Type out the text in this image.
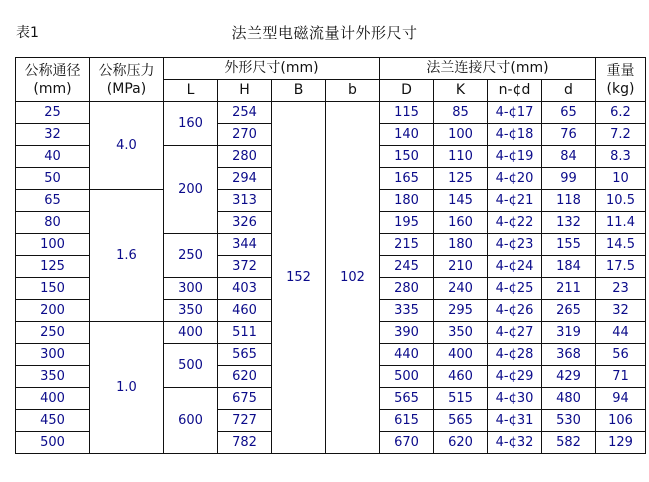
表1	法兰型电磁流量计外形尺寸
公称通径(mm)	公称压力(MPa)	外形尺寸(mm)				法兰连接尺寸(mm)				重量(kg)
		L	H	B	b	D	K	n-¢d	d	
25	4.0	160	254	152	102	115	85	4-¢17	65	6.2
32			270			140	100	4-¢18	76	7.2
40		200	280			150	110	4-¢19	84	8.3
50			294			165	125	4-¢20	99	10
65	1.6		313			180	145	4-¢21	118	10.5
80			326			195	160	4-¢22	132	11.4
100		250	344			215	180	4-¢23	155	14.5
125			372			245	210	4-¢24	184	17.5
150		300	403			280	240	4-¢25	211	23
200		350	460			335	295	4-¢26	265	32
250	1.0	400	511			390	350	4-¢27	319	44
300		500	565			440	400	4-¢28	368	56
350			620			500	460	4-¢29	429	71
400		600	675			565	515	4-¢30	480	94
450			727			615	565	4-¢31	530	106
500			782			670	620	4-¢32	582	129
